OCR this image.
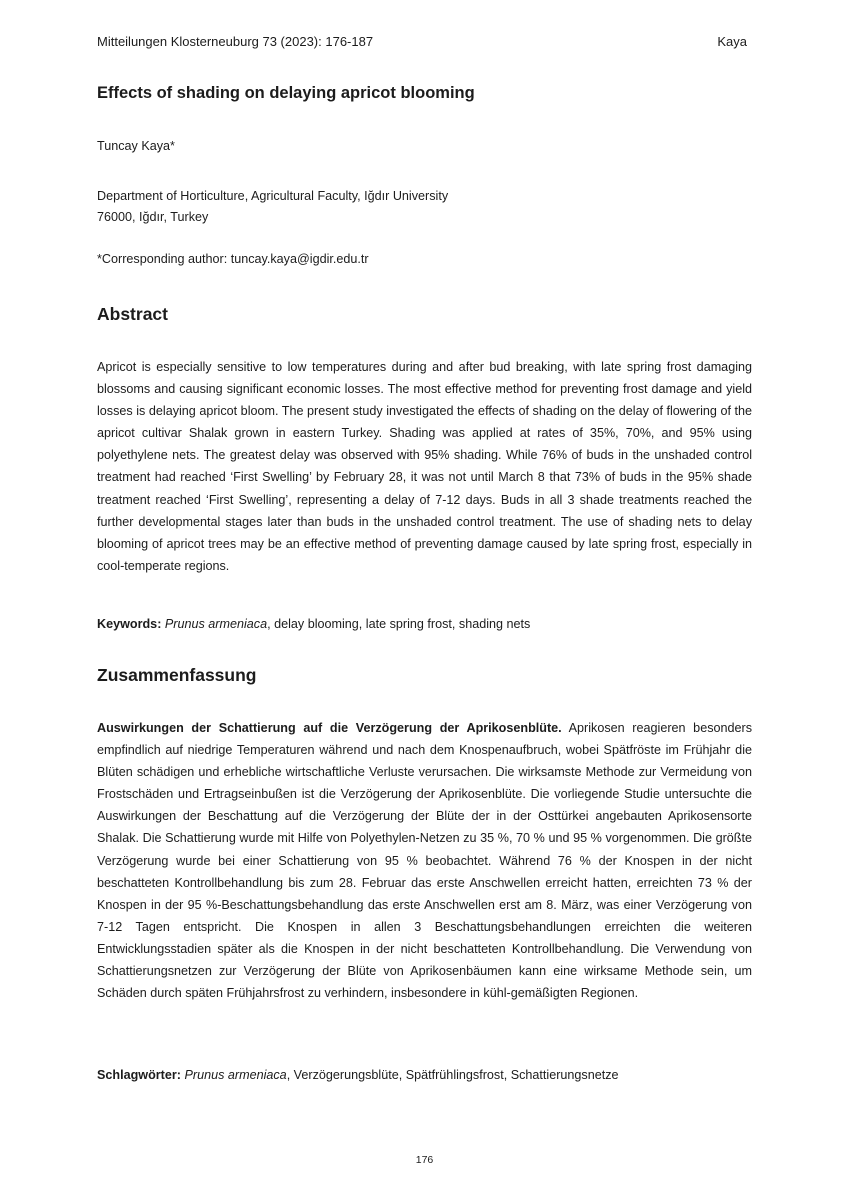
Mitteilungen Klosterneuburg 73 (2023): 176-187	Kaya
Effects of shading on delaying apricot blooming
Tuncay Kaya*
Department of Horticulture, Agricultural Faculty, Iğdır University
76000, Iğdır, Turkey
*Corresponding author: tuncay.kaya@igdir.edu.tr
Abstract

Apricot is especially sensitive to low temperatures during and after bud breaking, with late spring frost damaging blossoms and causing significant economic losses. The most effective method for preventing frost damage and yield losses is delaying apricot bloom. The present study investigated the effects of shading on the delay of flowering of the apricot cultivar Shalak grown in eastern Turkey. Shading was applied at rates of 35%, 70%, and 95% using polyethylene nets. The greatest delay was observed with 95% shading. While 76% of buds in the unshaded control treatment had reached ‘First Swelling’ by February 28, it was not until March 8 that 73% of buds in the 95% shade treatment reached ‘First Swelling’, representing a delay of 7-12 days. Buds in all 3 shade treatments reached the further developmental stages later than buds in the unshaded control treatment. The use of shading nets to delay blooming of apricot trees may be an effective method of preventing damage caused by late spring frost, especially in cool-temperate regions.

Keywords: Prunus armeniaca, delay blooming, late spring frost, shading nets
Zusammenfassung

Auswirkungen der Schattierung auf die Verzögerung der Aprikosenblüte. Aprikosen reagieren besonders empfindlich auf niedrige Temperaturen während und nach dem Knospenaufbruch, wobei Spätfröste im Frühjahr die Blüten schädigen und erhebliche wirtschaftliche Verluste verursachen. Die wirksamste Methode zur Vermeidung von Frostschäden und Ertragseinbußen ist die Verzögerung der Aprikosenblüte. Die vorliegende Studie untersuchte die Auswirkungen der Beschattung auf die Verzögerung der Blüte der in der Osttürkei angebauten Aprikosensorte Shalak. Die Schattierung wurde mit Hilfe von Polyethylen-Netzen zu 35 %, 70 % und 95 % vorgenommen. Die größte Verzögerung wurde bei einer Schattierung von 95 % beobachtet. Während 76 % der Knospen in der nicht beschatteten Kontrollbehandlung bis zum 28. Februar das erste Anschwellen erreicht hatten, erreichten 73 % der Knospen in der 95 %-Beschattungsbehandlung das erste Anschwellen erst am 8. März, was einer Verzögerung von 7-12 Tagen entspricht. Die Knospen in allen 3 Beschattungsbehandlungen erreichten die weiteren Entwicklungsstadien später als die Knospen in der nicht beschatteten Kontrollbehandlung. Die Verwendung von Schattierungsnetzen zur Verzögerung der Blüte von Aprikosenbäumen kann eine wirksame Methode sein, um Schäden durch späten Frühjahrsfrost zu verhindern, insbesondere in kühl-gemäßigten Regionen.

Schlagwörter: Prunus armeniaca, Verzögerungsblüte, Spätfrühlingsfrost, Schattierungsnetze
176
